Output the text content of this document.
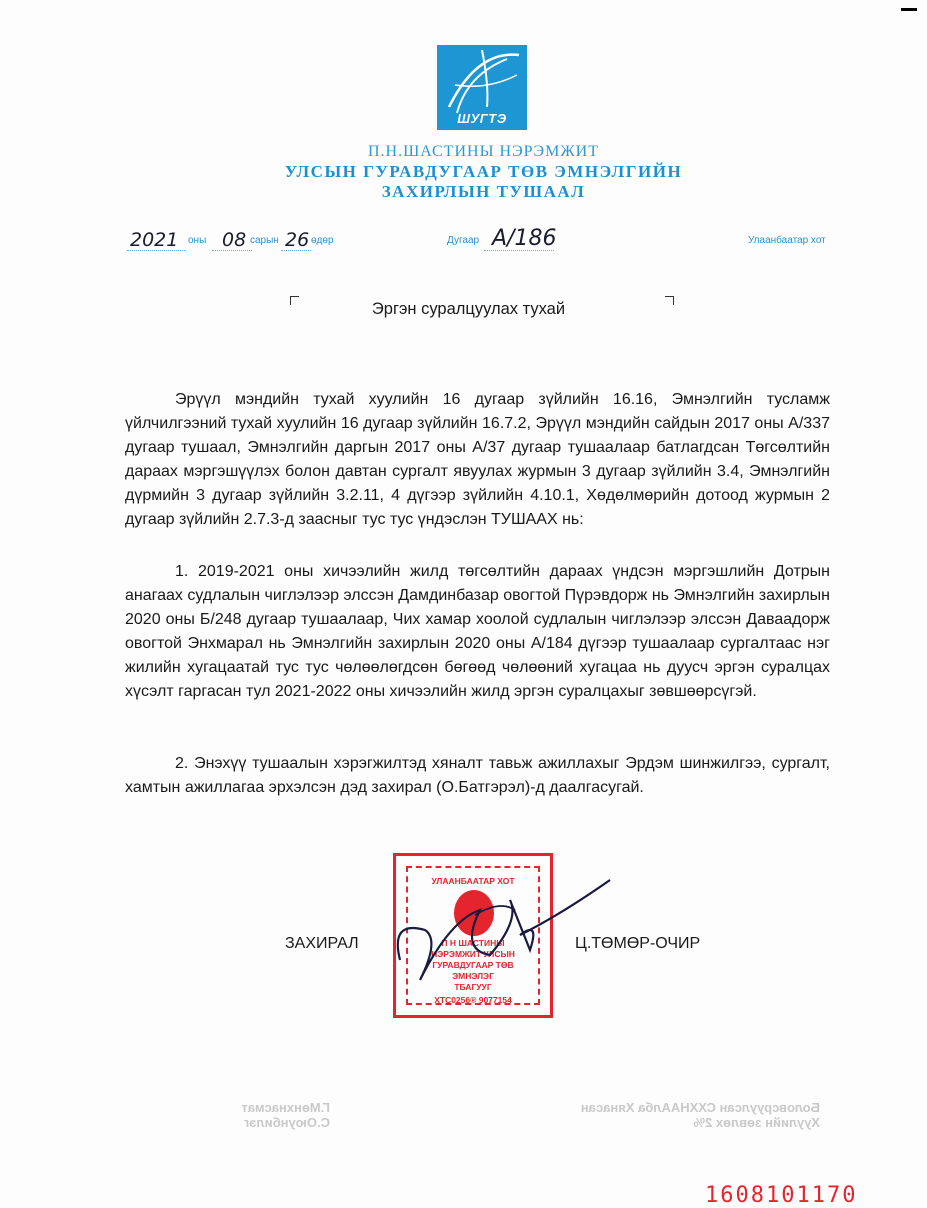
ШУГТЭ
П.Н.ШАСТИНЫ НЭРЭМЖИТ
УЛСЫН ГУРАВДУГААР ТӨВ ЭМНЭЛГИЙН
ЗАХИРЛЫН ТУШААЛ
2021 оны 08 сарын 26 өдөр	Дугаар А/186	Улаанбаатар хот
Эргэн суралцуулах тухай

Эрүүл мэндийн тухай хуулийн 16 дугаар зүйлийн 16.16, Эмнэлгийн тусламж үйлчилгээний тухай хуулийн 16 дугаар зүйлийн 16.7.2, Эрүүл мэндийн сайдын 2017 оны А/337 дугаар тушаал, Эмнэлгийн даргын 2017 оны А/37 дугаар тушаалаар батлагдсан Төгсөлтийн дараах мэргэшүүлэх болон давтан сургалт явуулах журмын 3 дугаар зүйлийн 3.4, Эмнэлгийн дүрмийн 3 дугаар зүйлийн 3.2.11, 4 дүгээр зүйлийн 4.10.1, Хөдөлмөрийн дотоод журмын 2 дугаар зүйлийн 2.7.3-д заасныг тус тус үндэслэн ТУШААХ нь:

1. 2019-2021 оны хичээлийн жилд төгсөлтийн дараах үндсэн мэргэшлийн Дотрын анагаах судлалын чиглэлээр элссэн Дамдинбазар овогтой Пүрэвдорж нь Эмнэлгийн захирлын 2020 оны Б/248 дугаар тушаалаар, Чих хамар хоолой судлалын чиглэлээр элссэн Даваадорж овогтой Энхмарал нь Эмнэлгийн захирлын 2020 оны А/184 дүгээр тушаалаар сургалтаас нэг жилийн хугацаатай тус тус чөлөөлөгдсөн бөгөөд чөлөөний хугацаа нь дуусч эргэн суралцах хүсэлт гаргасан тул 2021-2022 оны хичээлийн жилд эргэн суралцахыг зөвшөөрсүгэй.
2. Энэхүү тушаалын хэрэгжилтэд хяналт тавьж ажиллахыг Эрдэм шинжилгээ, сургалт, хамтын ажиллагаа эрхэлсэн дэд захирал (О.Батгэрэл)-д даалгасугай.
УЛААНБААТАР ХОТ
П Н ШАСТИНЫ
НЭРЭМЖИТ УЛСЫН
ГУРАВДУГААР ТӨВ
ЭМНЭЛЭГ
ТБАГУУГ
ХТС0256® 9077154
ЗАХИРАЛ	Ц.ТӨМӨР-ОЧИР
Боловсруулсан СХХНААлба Хянасан Хуулийн зөвлөх 2%
Г.Мөнхнасмат С.Оюунбилэг
1608101170
